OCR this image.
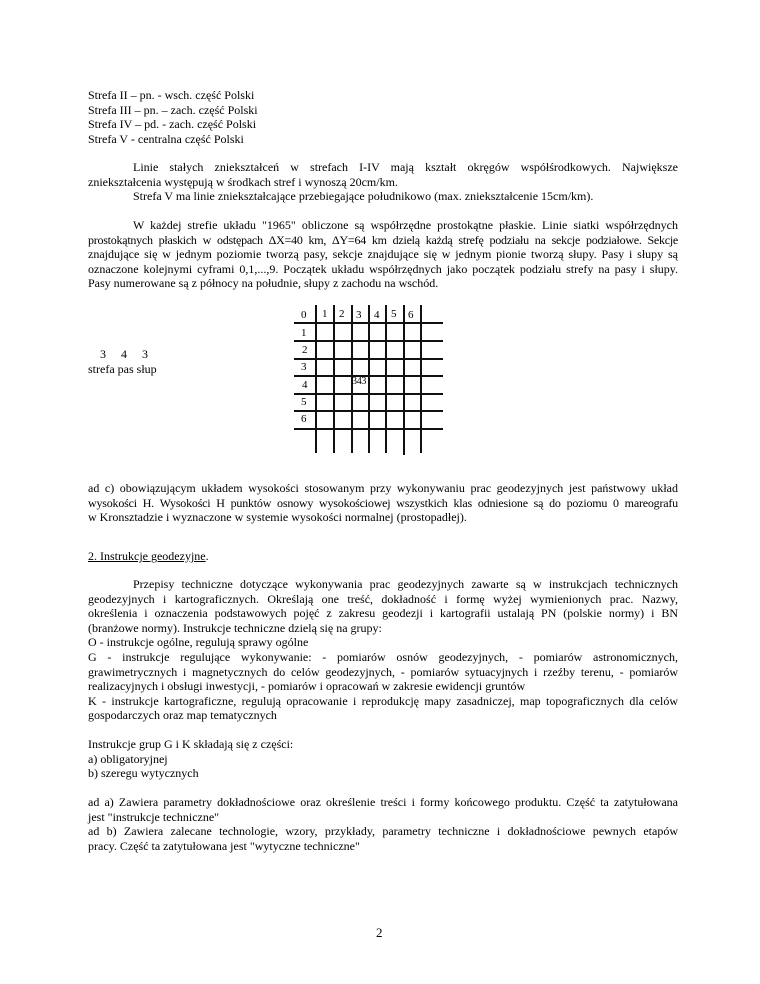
Strefa II – pn. - wsch. część Polski
Strefa III – pn. – zach. część Polski
Strefa IV – pd. - zach. część Polski
Strefa V - centralna część Polski
Linie stałych zniekształceń w strefach I-IV mają kształt okręgów współśrodkowych. Największe
zniekształcenia występują w środkach stref i wynoszą 20cm/km.
Strefa V ma linie zniekształcające przebiegające południkowo (max. zniekształcenie 15cm/km).
W każdej strefie układu "1965" obliczone są współrzędne prostokątne płaskie. Linie siatki współrzędnych
prostokątnych płaskich w odstępach ΔX=40 km, ΔY=64 km dzielą każdą strefę podziału na sekcje podziałowe. Sekcje
znajdujące się w jednym poziomie tworzą pasy, sekcje znajdujące się w jednym pionie tworzą słupy. Pasy i słupy są
oznaczone kolejnymi cyframi 0,1,...,9. Początek układu współrzędnych jako początek podziału strefy na pasy i słupy.
Pasy numerowane są z północy na południe, słupy z zachodu na wschód.
3 4 3
strefa pas słup
0 1 2 3 4 5 6
1
2
3
4
5
6
343
ad c) obowiązującym układem wysokości stosowanym przy wykonywaniu prac geodezyjnych jest państwowy układ
wysokości H. Wysokości H punktów osnowy wysokościowej wszystkich klas odniesione są do poziomu 0 mareografu
w Kronsztadzie i wyznaczone w systemie wysokości normalnej (prostopadłej).
2. Instrukcje geodezyjne.
Przepisy techniczne dotyczące wykonywania prac geodezyjnych zawarte są w instrukcjach technicznych
geodezyjnych i kartograficznych. Określają one treść, dokładność i formę wyżej wymienionych prac. Nazwy,
określenia i oznaczenia podstawowych pojęć z zakresu geodezji i kartografii ustalają PN (polskie normy) i BN
(branżowe normy). Instrukcje techniczne dzielą się na grupy:
O - instrukcje ogólne, regulują sprawy ogólne
G - instrukcje regulujące wykonywanie: - pomiarów osnów geodezyjnych, - pomiarów astronomicznych,
grawimetrycznych i magnetycznych do celów geodezyjnych, - pomiarów sytuacyjnych i rzeźby terenu, - pomiarów
realizacyjnych i obsługi inwestycji, - pomiarów i opracowań w zakresie ewidencji gruntów
K - instrukcje kartograficzne, regulują opracowanie i reprodukcję mapy zasadniczej, map topograficznych dla celów
gospodarczych oraz map tematycznych
Instrukcje grup G i K składają się z części:
a) obligatoryjnej
b) szeregu wytycznych
ad a) Zawiera parametry dokładnościowe oraz określenie treści i formy końcowego produktu. Część ta zatytułowana
jest "instrukcje techniczne"
ad b) Zawiera zalecane technologie, wzory, przykłady, parametry techniczne i dokładnościowe pewnych etapów
pracy. Część ta zatytułowana jest "wytyczne techniczne"
2
